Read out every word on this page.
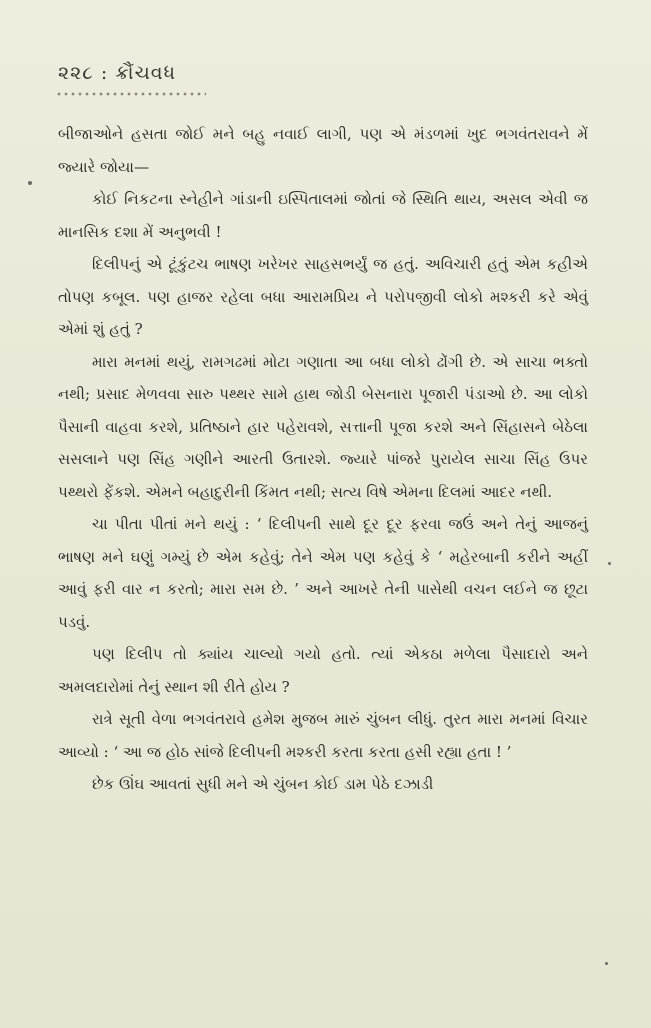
૨૨૮ : ક્રૌંચવધ

બીજાઓને હસતા જોઈ મને બહુ નવાઈ લાગી, પણ એ મંડળમાં ખુદ ભગવંતરાવને મેં જ્યારે જોયા—

કોઈ નિકટના સ્નેહીને ગાંડાની ઇસ્પિતાલમાં જોતાં જે સ્થિતિ થાય, અસલ એવી જ માનસિક દશા મેં અનુભવી !

દિલીપનું એ ટૂંકુંટચ ભાષણ ખરેખર સાહસભર્યું જ હતું. અવિચારી હતું એમ કહીએ તોપણ કબૂલ. પણ હાજર રહેલા બધા આરામપ્રિય ને પરોપજીવી લોકો મશ્કરી કરે એવું એમાં શું હતું ?

મારા મનમાં થયું, રામગઢમાં મોટા ગણાતા આ બધા લોકો ઢોંગી છે. એ સાચા ભક્તો નથી; પ્રસાદ મેળવવા સારુ પથ્થર સામે હાથ જોડી બેસનારા પૂજારી પંડાઓ છે. આ લોકો પૈસાની વાહવા કરશે, પ્રતિષ્ઠાને હાર પહેરાવશે, સત્તાની પૂજા કરશે અને સિંહાસને બેઠેલા સસલાને પણ સિંહ ગણીને આરતી ઉતારશે. જ્યારે પાંજરે પુરાયેલ સાચા સિંહ ઉપર પથ્થરો ફેંકશે. એમને બહાદુરીની કિંમત નથી; સત્ય વિષે એમના દિલમાં આદર નથી.

ચા પીતા પીતાં મને થયું : ‘ દિલીપની સાથે દૂર દૂર ફરવા જઉં અને તેનું આજનું ભાષણ મને ઘણું ગમ્યું છે એમ કહેવું; તેને એમ પણ કહેવું કે ‘ મહેરબાની કરીને અહીં આવું ફરી વાર ન કરતો; મારા સમ છે. ’ અને આખરે તેની પાસેથી વચન લઈને જ છૂટા પડવું.

પણ દિલીપ તો ક્યાંય ચાલ્યો ગયો હતો. ત્યાં એકઠા મળેલા પૈસાદારો અને અમલદારોમાં તેનું સ્થાન શી રીતે હોય ?

રાત્રે સૂતી વેળા ભગવંતરાવે હમેશ મુજબ મારું ચુંબન લીધું. તુરત મારા મનમાં વિચાર આવ્યો : ‘ આ જ હોઠ સાંજે દિલીપની મશ્કરી કરતા કરતા હસી રહ્યા હતા ! ’

છેક ઊંઘ આવતાં સુધી મને એ ચુંબન કોઈ ડામ પેઠે દઝાડી
